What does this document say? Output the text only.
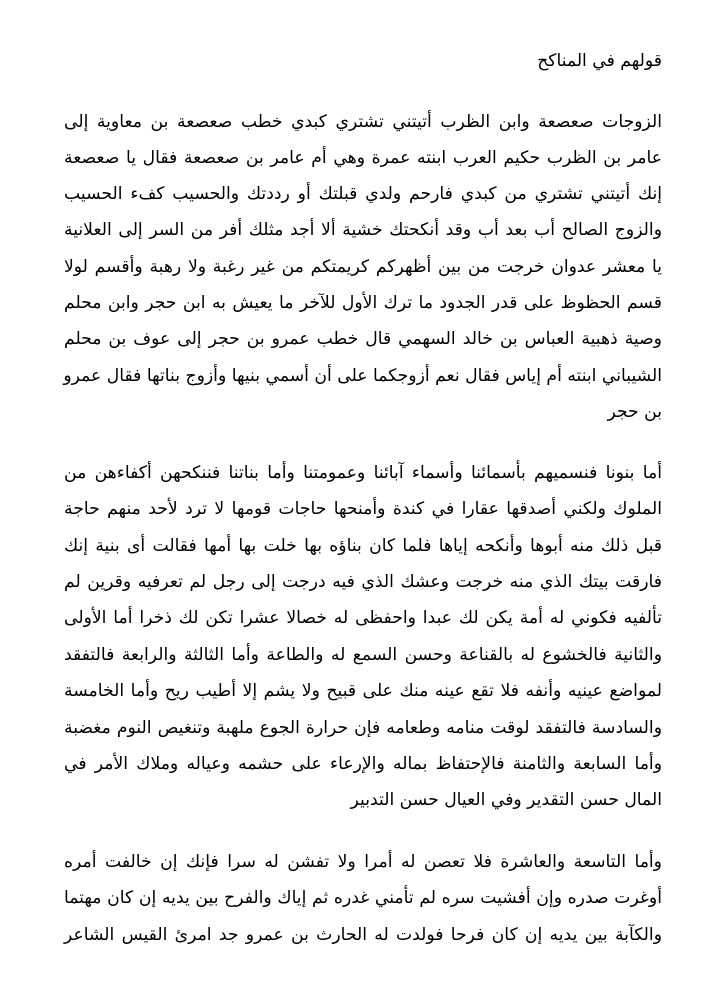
قولهم في المناكح
الزوجات صعصعة وابن الظرب أتيتني تشتري كبدي خطب صعصعة بن معاوية إلى
عامر بن الظرب حكيم العرب ابنته عمرة وهي أم عامر بن صعصعة فقال يا صعصعة
إنك أتيتني تشتري من كبدي فارحم ولدي قبلتك أو رددتك والحسيب كفء الحسيب
والزوج الصالح أب بعد أب وقد أنكحتك خشية ألا أجد مثلك أفر من السر إلى العلانية
يا معشر عدوان خرجت من بين أظهركم كريمتكم من غير رغبة ولا رهبة وأقسم لولا
قسم الحظوظ على قدر الجدود ما ترك الأول للآخر ما يعيش به ابن حجر وابن محلم
وصية ذهبية العباس بن خالد السهمي قال خطب عمرو بن حجر إلى عوف بن محلم
الشيباني ابنته أم إياس فقال نعم أزوجكما على أن أسمي بنيها وأزوج بناتها فقال عمرو
بن حجر
أما بنونا فنسميهم بأسمائنا وأسماء آبائنا وعمومتنا وأما بناتنا فننكحهن أكفاءهن من
الملوك ولكني أصدقها عقارا في كندة وأمنحها حاجات قومها لا ترد لأحد منهم حاجة
قبل ذلك منه أبوها وأنكحه إياها فلما كان بناؤه بها خلت بها أمها فقالت أى بنية إنك
فارقت بيتك الذي منه خرجت وعشك الذي فيه درجت إلى رجل لم تعرفيه وقرين لم
تألفيه فكوني له أمة يكن لك عبدا واحفظى له خصالا عشرا تكن لك ذخرا أما الأولى
والثانية فالخشوع له بالقناعة وحسن السمع له والطاعة وأما الثالثة والرابعة فالتفقد
لمواضع عينيه وأنفه فلا تقع عينه منك على قبيح ولا يشم إلا أطيب ريح وأما الخامسة
والسادسة فالتفقد لوقت منامه وطعامه فإن حرارة الجوع ملهبة وتنغيص النوم مغضبة
وأما السابعة والثامنة فالإحتفاظ بماله والإرعاء على حشمه وعياله وملاك الأمر في
المال حسن التقدير وفي العيال حسن التدبير
وأما التاسعة والعاشرة فلا تعصن له أمرا ولا تفشن له سرا فإنك إن خالفت أمره
أوغرت صدره وإن أفشيت سره لم تأمني غدره ثم إياك والفرح بين يديه إن كان مهتما
والكآبة بين يديه إن كان فرحا فولدت له الحارث بن عمرو جد امرئ القيس الشاعر
